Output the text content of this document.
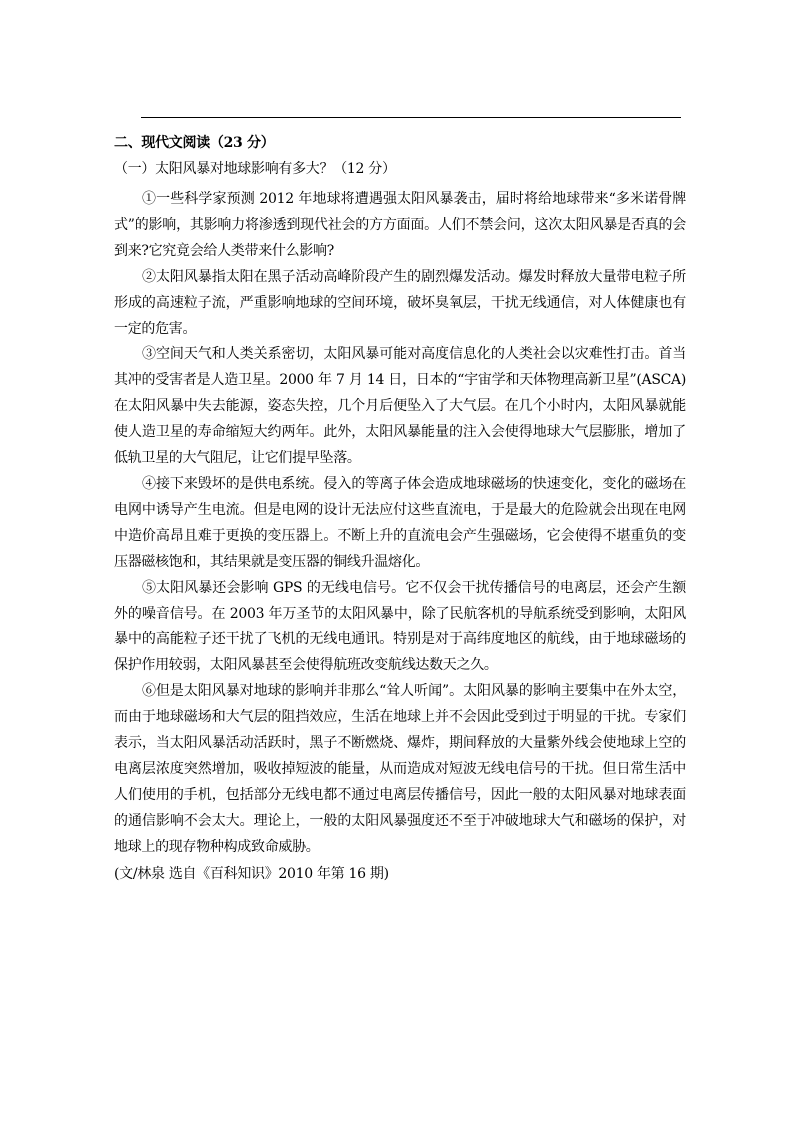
二、现代文阅读（23 分）

（一）太阳风暴对地球影响有多大？（12 分）

①一些科学家预测 2012 年地球将遭遇强太阳风暴袭击，届时将给地球带来“多米诺骨牌式”的影响，其影响力将渗透到现代社会的方方面面。人们不禁会问，这次太阳风暴是否真的会到来?它究竟会给人类带来什么影响?

②太阳风暴指太阳在黑子活动高峰阶段产生的剧烈爆发活动。爆发时释放大量带电粒子所形成的高速粒子流，严重影响地球的空间环境，破坏臭氧层，干扰无线通信，对人体健康也有一定的危害。

③空间天气和人类关系密切，太阳风暴可能对高度信息化的人类社会以灾难性打击。首当其冲的受害者是人造卫星。2000 年 7 月 14 日，日本的“宇宙学和天体物理高新卫星”(ASCA)在太阳风暴中失去能源，姿态失控，几个月后便坠入了大气层。在几个小时内，太阳风暴就能使人造卫星的寿命缩短大约两年。此外，太阳风暴能量的注入会使得地球大气层膨胀，增加了低轨卫星的大气阻尼，让它们提早坠落。

④接下来毁坏的是供电系统。侵入的等离子体会造成地球磁场的快速变化，变化的磁场在电网中诱导产生电流。但是电网的设计无法应付这些直流电，于是最大的危险就会出现在电网中造价高昂且难于更换的变压器上。不断上升的直流电会产生强磁场，它会使得不堪重负的变压器磁核饱和，其结果就是变压器的铜线升温熔化。

⑤太阳风暴还会影响 GPS 的无线电信号。它不仅会干扰传播信号的电离层，还会产生额外的噪音信号。在 2003 年万圣节的太阳风暴中，除了民航客机的导航系统受到影响，太阳风暴中的高能粒子还干扰了飞机的无线电通讯。特别是对于高纬度地区的航线，由于地球磁场的保护作用较弱，太阳风暴甚至会使得航班改变航线达数天之久。

⑥但是太阳风暴对地球的影响并非那么“耸人听闻”。太阳风暴的影响主要集中在外太空，而由于地球磁场和大气层的阻挡效应，生活在地球上并不会因此受到过于明显的干扰。专家们表示，当太阳风暴活动活跃时，黑子不断燃烧、爆炸，期间释放的大量紫外线会使地球上空的电离层浓度突然增加，吸收掉短波的能量，从而造成对短波无线电信号的干扰。但日常生活中人们使用的手机，包括部分无线电都不通过电离层传播信号，因此一般的太阳风暴对地球表面的通信影响不会太大。理论上，一般的太阳风暴强度还不至于冲破地球大气和磁场的保护，对地球上的现存物种构成致命威胁。

(文/林泉 选自《百科知识》2010 年第 16 期)
